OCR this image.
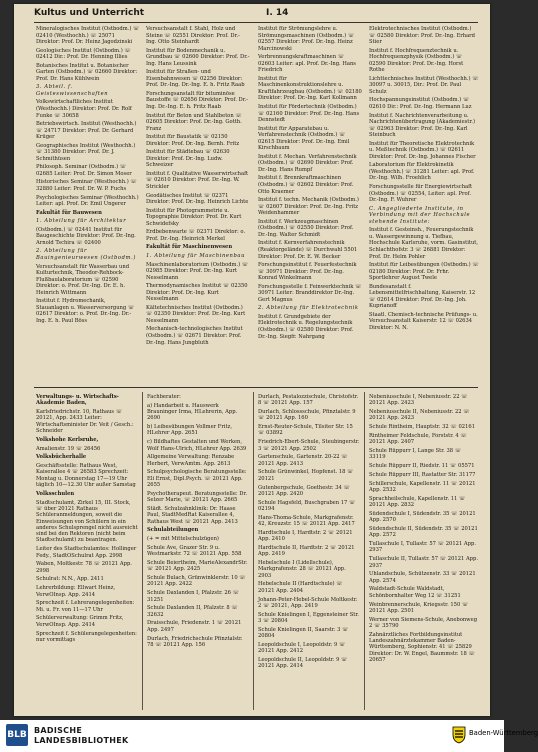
Kultus und Unterricht	I. 14
Mineralogisches Institut (Ostbodm.) ☏ 02410 (Westhochh.) ☏ 25071 Direktor: Prof. Dr. Heinz Jagodzinski
Geologisches Institut (Ostbodm.) ☏ 02412 Dir.: Prof. Dr. Henning Illies
Botanisches Institut u. Botanischer Garten (Ostbodm.) ☏ 02660 Direktor: Prof. Dr. Hans Kühlwein
3. Abteil. f. Geisteswissenschaften
Volkswirtschaftliches Institut (Westhochh.) Direktor: Prof. Dr. Rolf Funke ☏ 30658
Betriebswirtsch. Institut (Westhochh.) ☏ 24717 Direktor: Prof. Dr. Gerhard Krüger
Geographisches Institut (Westhochh.) ☏ 31380 Direktor: Prof. Dr. J. Schmithüsen
Philosoph. Seminar (Ostbodm.) ☏ 02685 Leiter: Prof. Dr. Simon Moser
Historisches Seminar (Westhochh.) ☏ 32880 Leiter: Prof. Dr. W. P. Fuchs
Psychologisches Seminar (Westhochh.) Leiter: apl. Prof. Dr. Emil Ungerer
Fakultät für Bauwesen
1. Abteilung für Architektur
(Ostbodm.) ☏ 02441 Institut für Baugeschichte Direktor: Prof. Dr.-Ing. Arnold Tschira ☏ 02400
2. Abteilung für Bauingenieurwesen (Ostbodm.)
Versuchsanstalt für Wasserbau und Kulturtechnik, Theodor-Rehbock-Flußbaulaboratorium ☏ 02590 Direktor: o. Prof. Dr.-Ing. Dr. E. h. Heinrich Wittmann
Institut f. Hydromechanik, Stauanlagen u. Wasserversorgung ☏ 02617 Direktor: o. Prof. Dr.-Ing. Dr.-Ing. E. h. Paul Böss
Versuchsanstalt f. Stahl, Holz und Steine ☏ 02551 Direktor: Prof. Dr.-Ing. Otto Steinhardt
Institut für Bodenmechanik u. Grundbau ☏ 02600 Direktor: Prof. Dr.-Ing. Hans Leussink
Institut für Straßen- und Eisenbahnwesen ☏ 02256 Direktor: Prof. Dr.-Ing. Dr.-Ing. E. h. Fritz Raab
Forschungsanstalt für bituminöse Baustoffe ☏ 02656 Direktor: Prof. Dr.-Ing. Dr.-Ing. E. h. Fritz Raab
Institut für Beton und Stahlbeton ☏ 02605 Direktor: Prof. Dr.-Ing. Gotth. Franz
Institut für Baustatik ☏ 02150 Direktor: Prof. Dr.-Ing. Bernh. Fritz
Institut für Städtebau ☏ 02630 Direktor: Prof. Dr.-Ing. Ludw. Schweizer
Institut f. Qualitative Wasserwirtschaft ☏ 02610 Direktor: Prof. Dr.-Ing. W. Strickler
Geodätisches Institut ☏ 02371 Direktor: Prof. Dr.-Ing. Heinrich Lichte
Institut für Photogrammetrie u. Topographie Direktor: Prof. Dr. Kurt Schwidefsky
Erdbebenwarte ☏ 02371 Direktor: o. Prof. Dr.-Ing. Heinrich Merkel
Fakultät für Maschinenwesen
1. Abteilung für Maschinenbau
Maschinenlaboratorium (Ostbodm.) ☏ 02985 Direktor: Prof. Dr.-Ing. Kurt Nesselmann
Thermodynamisches Institut ☏ 02350 Direktor: Prof. Dr.-Ing. Kurt Nesselmann
Kältetechnisches Institut (Ostbodm.) ☏ 02350 Direktor: Prof. Dr.-Ing. Kurt Nesselmann
Mechanisch-technologisches Institut (Ostbodm.) ☏ 02671 Direktor: Prof. Dr.-Ing. Hans Jungbluth
Institut für Strömungslehre u. Strömungsmaschinen (Ostbodm.) ☏ 02557 Direktor: Prof. Dr.-Ing. Heinz Marcinowski
Verbrennungskraftmaschinen ☏ 02603 Leiter: apl. Prof. Dr.-Ing. Hans Friedrich
Institut für Maschinenkonstruktionslehre u. Kraftfahrzeugbau (Ostbodm.) ☏ 02180 Direktor: Prof. Dr.-Ing. Karl Kollmann
Institut für Fördertechnik (Ostbodm.) ☏ 02160 Direktor: Prof. Dr.-Ing. Hans Dennstedt
Institut für Apparatebau u. Verfahrenstechnik (Ostbodm.) ☏ 02615 Direktor: Prof. Dr.-Ing. Emil Kirschbaum
Institut f. Mechan. Verfahrenstechnik (Ostbodm.) ☏ 02690 Direktor: Prof. Dr.-Ing. Hans Rumpf
Institut f. Brennkraftmaschinen (Ostbodm.) ☏ 02602 Direktor: Prof. Otto Kraemer
Institut f. techn. Mechanik (Ostbodm.) ☏ 02607 Direktor: Prof. Dr.-Ing. Fritz Weidenhammer
Institut f. Werkzeugmaschinen (Ostbodm.) ☏ 02550 Direktor: Prof. Dr.-Ing. Walter Schmidt
Institut f. Kernverfahrenstechnik (Reaktorgelände) ☏ Durchwahl 5501 Direktor: Prof. Dr. E. W. Becker
Forschungsinstitut f. Feuerfestechnik ☏ 30971 Direktor: Prof. Dr.-Ing. Konrad Winkelmann
Forschungsstelle f. Feinwerktechnik ☏ 30971 Leiter: Branddirektor Dr.-Ing. Gert Magnus
2. Abteilung für Elektrotechnik
Institut f. Grundgebiete der Elektrotechnik u. Regelungstechnik (Ostbodm.) ☏ 02580 Direktor: Prof. Dr.-Ing. Siegfr. Nahrgang
Elektrotechnisches Institut (Ostbodm.) ☏ 02580 Direktor: Prof. Dr.-Ing. Erhard Stier
Institut f. Hochfrequenztechnik u. Hochfrequenzphysik (Ostbodm.) ☏ 02590 Direktor: Prof. Dr.-Ing. Horst Rothe
Lichttechnisches Institut (Westhochh.) ☏ 30097 u. 30015, Dir.: Prof. Dr. Paul Schulz
Hochspannungsinstitut (Ostbodm.) ☏ 02610 Dir.: Prof. Dr.-Ing. Hermann Luz
Institut f. Nachrichtenverarbeitung u. Nachrichtenübertragung (Akademiestr.) ☏ 02963 Direktor: Prof. Dr.-Ing. Karl Steinbuch
Institut für Theoretische Elektrotechnik u. Meßtechnik (Ostbodm.) ☏ 02611 Direktor: Prof. Dr.-Ing. Johannes Fischer
Laboratorium für Elektrokinetik (Westhochh.) ☏ 31281 Leiter: apl. Prof. Dr.-Ing. Wilh. Froehlich
Forschungsstelle für Energiewirtschaft (Ostbodm.) ☏ 02554, Leiter: apl. Prof. Dr.-Ing. F. Wuhrer
C. Angegliederte Institute, in Verbindung mit der Hochschule stehende Institute:
Institut f. Gesteinsh., Feuerungstechnik u. Wassergewinnung u. Tiefbau, Hochschule Karlsruhe, vorm. Gasinstitut, Schlachthofstr. 3 ☏ 26881 Direktor: Prof. Dr. Helm Pohler
Institut für Leibesübungen (Ostbodm.) ☏ 02180 Direktor: Prof. Dr. Frhr. Sportlehrer August Twele
Bundesanstalt f. Lebensmittelfrischhaltung, Kaiserstr. 12 ☏ 02614 Direktor: Prof. Dr.-Ing. Joh. Kuprianoff
Staatl. Chemisch-technische Prüfungs- u. Versuchsanstalt Kaiserstr. 12 ☏ 02634 Direktor: N. N.
Verwaltungs- u. Wirtschafts-Akademie Baden,
Karlsfriedrichstr. 10, Rathaus ☏ 20121, App. 2433 Leiter: Wirtschaftsminister Dr. Veit / Gesch.: Schneider
Volkshohe Kerlsruhe,
Amalienstr. 19 ☏ 26456
Volksbücherhalle
Geschäftsstelle: Rathaus West, Kaiserallee 4 ☏ 26583 Sprechzeit: Montag u. Donnerstag 17—19 Uhr täglich 10—12.30 Uhr außer Samstag
Volksschulen
Stadtschulamt, Zirkel 15, III. Stock, ☏ über 20121 Rathaus Schüleranmeldungen, soweit die Einweisungen von Schülern in ein anderes Schulsprengel nicht ausreicht sind bei den Rektoren (nicht beim Stadtschulamt) zu beantragen.
Leiter des Stadtschulamtes: Hollinger Fedy., StadtOSchulrat App. 2998
Waben, Moltkestr. 78 ☏ 20121 App. 2998
Schulrat: N.N., App. 2411
Lehrerbildung: Ellwart Heinz, VerwOInsp. App. 2414
Sprechzeit f. Lehrerangelegenheiten: Mi. u. Fr. von 11—17 Uhr
Schülerverwaltung: Grimm Fritz, VerwOInsp. App. 2414
Sprechzeit f. Schülerangelegenheiten: nur vormittags
Fachberater:
a) Handarbeit u. Hauswerk Brauninger Irma, HLehrerin, App. 2690
b) Leibesübungen Vollmer Fritz, HLehrer App. 2651
c) Bildhaftes Gestalten und Werken, Wolf Hans-Ulrich, HLehrer App. 2639
Allgemeine Verwaltung: Renzabe Herbert, VerwAmtm. App. 2613
Schulpsychologische Beratungsstelle: Eli Ernst, Dipl.Psych. ☏ 20121 App. 2655
Psychotherapeut. Beratungsstelle: Dr. Selzer Marie, ☏ 20121 App. 2665
Städt. Schulzahnklinik: Dr. Haase Paul, StadtMedRat Kaiserallee 4, Rathaus West ☏ 20121 App. 2413
Schulabteilungen
(+ = mit Mittelschulzügen)
Schule Ave, Grazer Str. 9 u. Westmarkstr. 72 ☏ 20121 App. 558
Schule Beiertheim, MarieAlexandrStr. ☏ 20121 App. 2425
Schule Bulach, Grünwinklerstr. 10 ☏ 20121 App. 2422
Schule Daxlanden I, Pfalzstr. 26 ☏ 31251
Schule Daxlanden II, Pfalzstr. 8 ☏ 32632
Draisschule, Friedenstr. 1 ☏ 20121 App. 2497
Durlach, Friedrichschule Pfinztalstr. 78 ☏ 20121 App. 156
Durlach, Pestalozzischule, Christofstr. 8 ☏ 20121 App. 157
Durlach, Schlossschule, Pfinztalstr. 9 ☏ 20121 App. 160
Ernst-Reuter-Schule, Tilsiter Str. 15 ☏ 03892
Friedrich-Ebert-Schule, Steubingerstr. 3 ☏ 20121 App. 2502
Gartenschule, Gartenstr. 20-22 ☏ 20121 App. 2413
Schule Grünwinkel, Hopfenst. 18 ☏ 20121
Gutenbergschule, Goethestr. 34 ☏ 20121 App. 2420
Schule Hagsfeld, Buschgraben 17 ☏ 02194
Hans-Thoma-Schule, Markgrafenstr. 42, Kreuzstr. 15 ☏ 20121 App. 2417
Hardtschule I, Hardtstr. 2 ☏ 20121 App. 2410
Hardtschule II, Hardtstr. 2 ☏ 20121 App. 2419
Hebelschule I (Lidellschule), Markgrafenstr. 28 ☏ 20121 App. 2903
Hebelschule II (Hardtschule) ☏ 20121 App. 2404
Johann-Peter-Hebel-Schule Moltkestr. 2 ☏ 20121, App. 2419
Schule Knielingen I, Eggensteiner Str. 3 ☏ 20804
Schule Knielingen II, Saarstr. 3 ☏ 20804
Leopoldschule I, Leopoldstr. 9 ☏ 20121 App. 2412
Leopoldschule II, Leopoldstr. 9 ☏ 20121 App. 2414
Nebeniusschule I, Nebeniusstr. 22 ☏ 20121 App. 2423
Nebeniusschule II, Nebeniusstr. 22 ☏ 20121 App. 2423
Schule Rintheim, Hauptstr. 32 ☏ 02161
Rintheimer Feldschule, Forststr. 4 ☏ 20121 App. 2407
Schule Rüppurr I, Lange Str. 38 ☏ 33119
Schule Rüppurr II, Riedstr. 11 ☏ 05571
Schule Rüppurr III, Rastatter Str. 31177
Schillerschule, Kapellenstr. 11 ☏ 20121 App. 2532
Sprachheilschule, Kapellenstr. 11 ☏ 20121 App. 2832
Südendschule I, Südendstr. 35 ☏ 20121 App. 2570
Südendschule II, Südendstr. 35 ☏ 20121 App. 2572
Tullaschule I, Tullastr. 57 ☏ 20121 App. 2937
Tullaschule II, Tullastr. 57 ☏ 20121 App. 2937
Uhlandschule, Schützenstr. 33 ☏ 20121 App. 2574
Waldstadt-Schule Waldstadt, Schönbornhalter Weg 12 ☏ 31251
Weinbrennerschule, Kriegsstr. 150 ☏ 20121 App. 2501
Werner von Siemens-Schule, Anebonweg 2 ☏ 35790
Zahnärztliches Fortbildungsinstitut Landeszahnärztekammer Baden-Württemberg, Sophienstr. 41 ☏ 25829 Direktor: Dr. W. Engel, Baummstr. 18 ☏ 20657
BLB BADISCHE
LANDESBIBLIOTHEK
Baden-Württemberg
